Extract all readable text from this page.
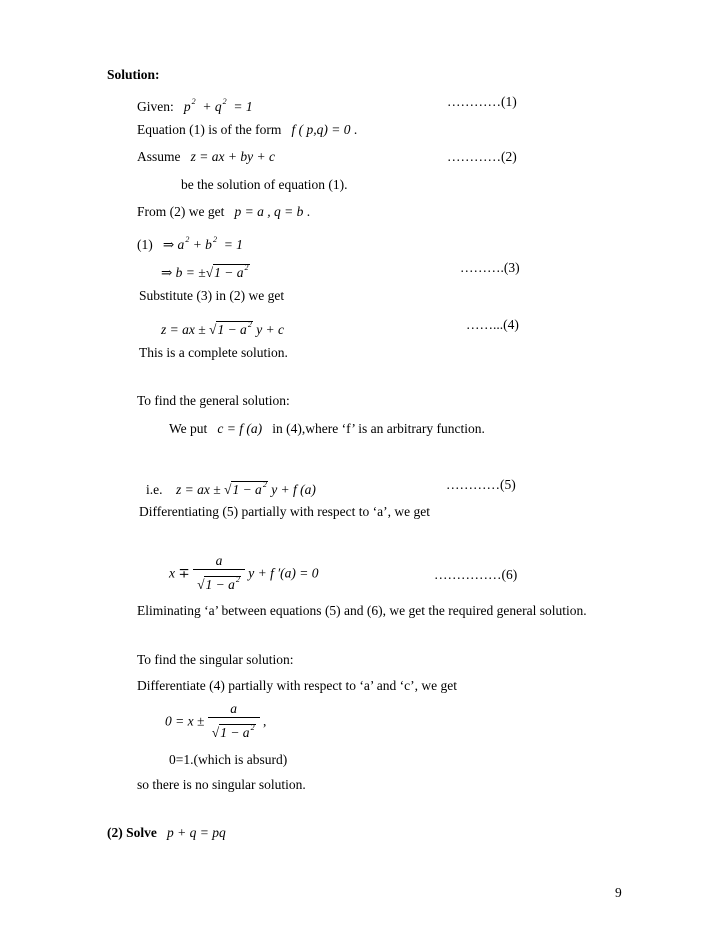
Solution:
Given:   $p^2 + q^2 = 1$	…………(1)
Equation (1) is of the form   f ( p,q) = 0 .
Assume   z = ax + by + c	…………(2)
be the solution of equation (1).
From (2) we get   p = a , q = b .
(1)   ⇒ $a^2 + b^2 = 1$
⇒ $b = \pm√1 - a^2$	……….(3)
Substitute (3) in (2) we get
z = ax ± $√1 - a^2$ y + c	……...(4)
This is a complete solution.
To find the general solution:
We put   c = f (a)   in (4),where ‘f’ is an arbitrary function.
i.e.    z = ax ± $√1 - a^2$ y + f (a)	…………(5)
Differentiating (5) partially with respect to ‘a’, we get
$x \mp \frac{a}{√1 - a^2}$ y + f ′(a) = 0	……………(6)
Eliminating ‘a’ between equations (5) and (6), we get the required general solution.
To find the singular solution:
Differentiate (4) partially with respect to ‘a’ and ‘c’, we get
$0 = x \pm \frac{a}{√1 - a^2}$ ,
0=1.(which is absurd)
so there is no singular solution.
(2) Solve   p + q = pq
9
